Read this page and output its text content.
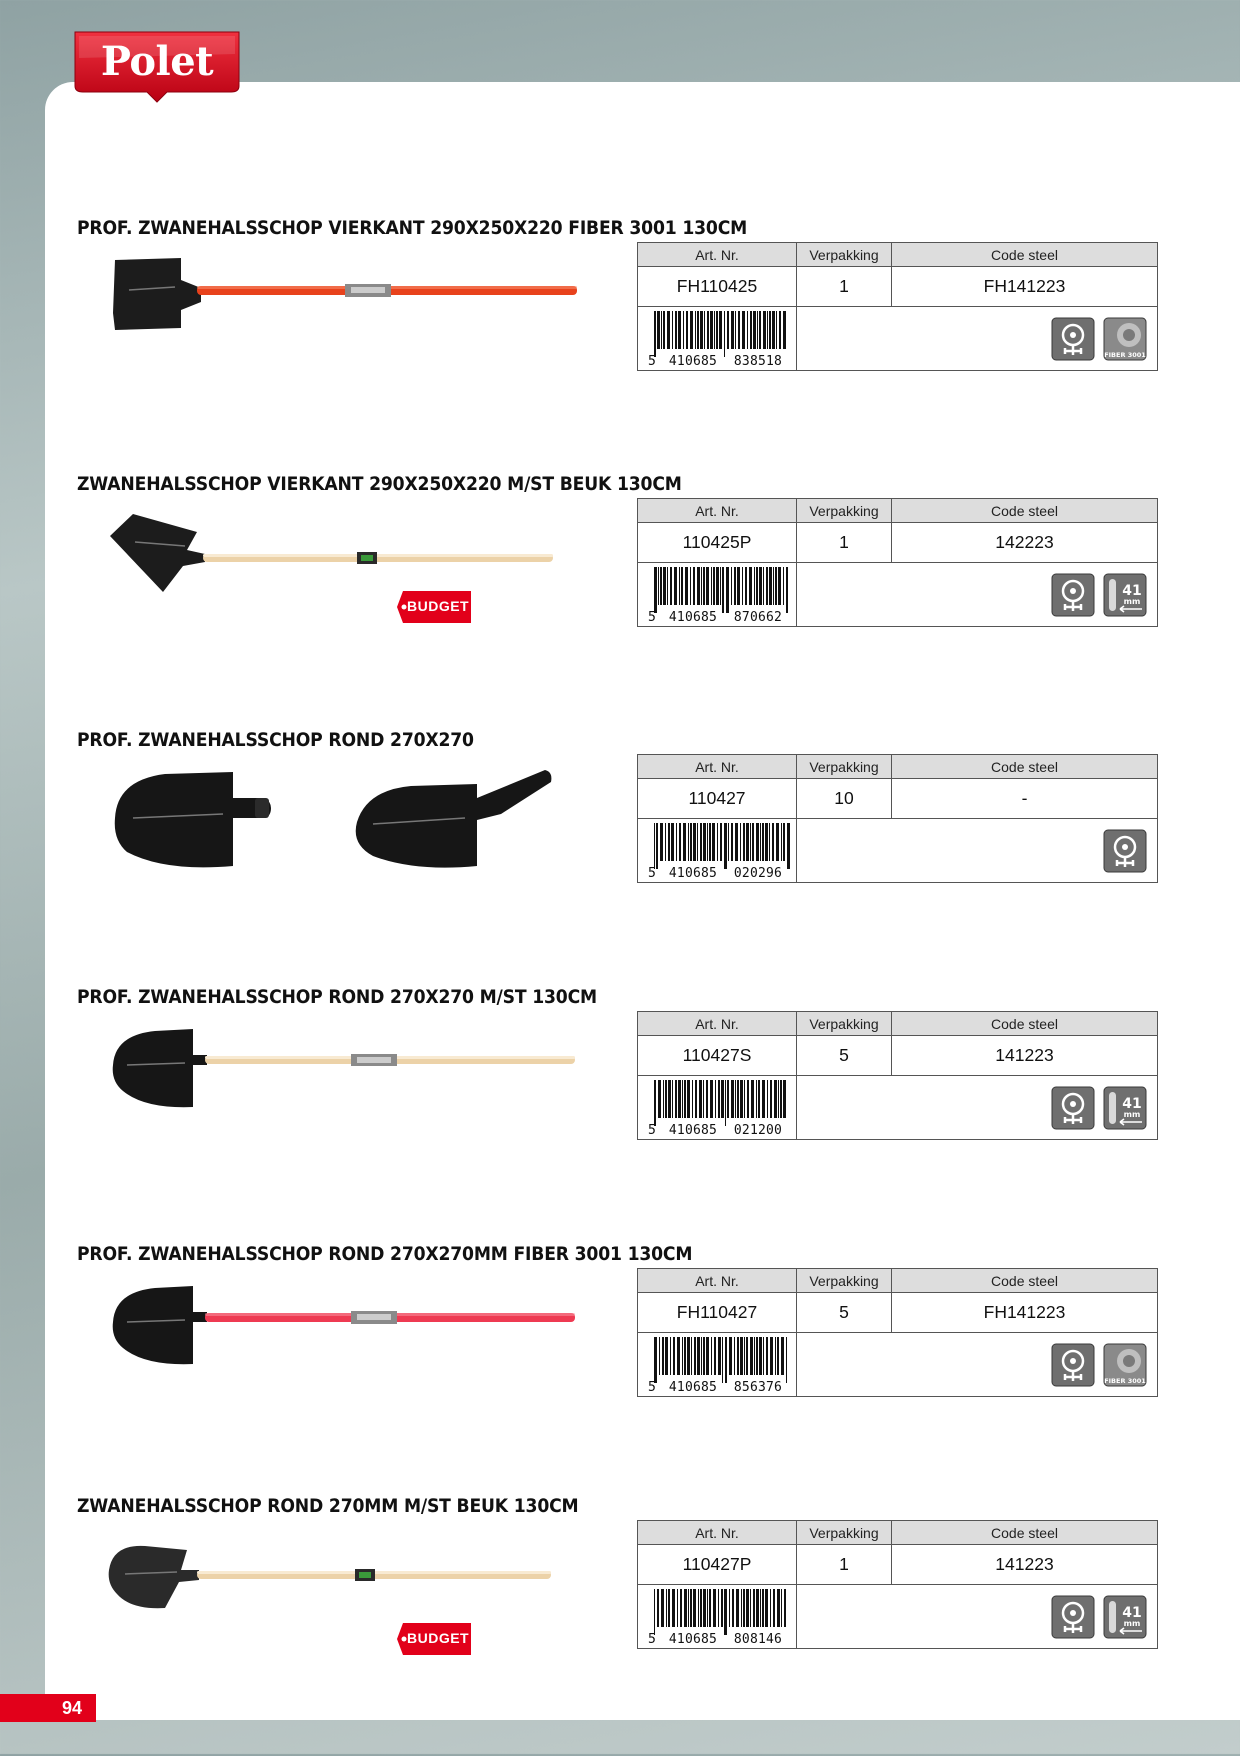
Polet
PROF. ZWANEHALSSCHOP VIERKANT 290X250X220 FIBER 3001 130CM
Art. Nr.	Verpakking	Code steel
FH110425	1	FH141223

5 410685 838518	FIBER 3001	
ZWANEHALSSCHOP VIERKANT 290X250X220 M/ST BEUK 130CM
BUDGET
Art. Nr.	Verpakking	Code steel
110425P	1	142223

5 410685 870662	41
mm	
PROF. ZWANEHALSSCHOP ROND 270X270
Art. Nr.	Verpakking	Code steel
110427	10	-

5 410685 020296

PROF. ZWANEHALSSCHOP ROND 270X270 M/ST 130CM
Art. Nr.	Verpakking	Code steel
110427S	5	141223

5 410685 021200	41
mm	
PROF. ZWANEHALSSCHOP ROND 270X270MM FIBER 3001 130CM
Art. Nr.	Verpakking	Code steel
FH110427	5	FH141223

5 410685 856376	FIBER 3001	
ZWANEHALSSCHOP ROND 270MM M/ST BEUK 130CM
BUDGET
Art. Nr.	Verpakking	Code steel
110427P	1	141223

5 410685 808146	41
mm	
94
